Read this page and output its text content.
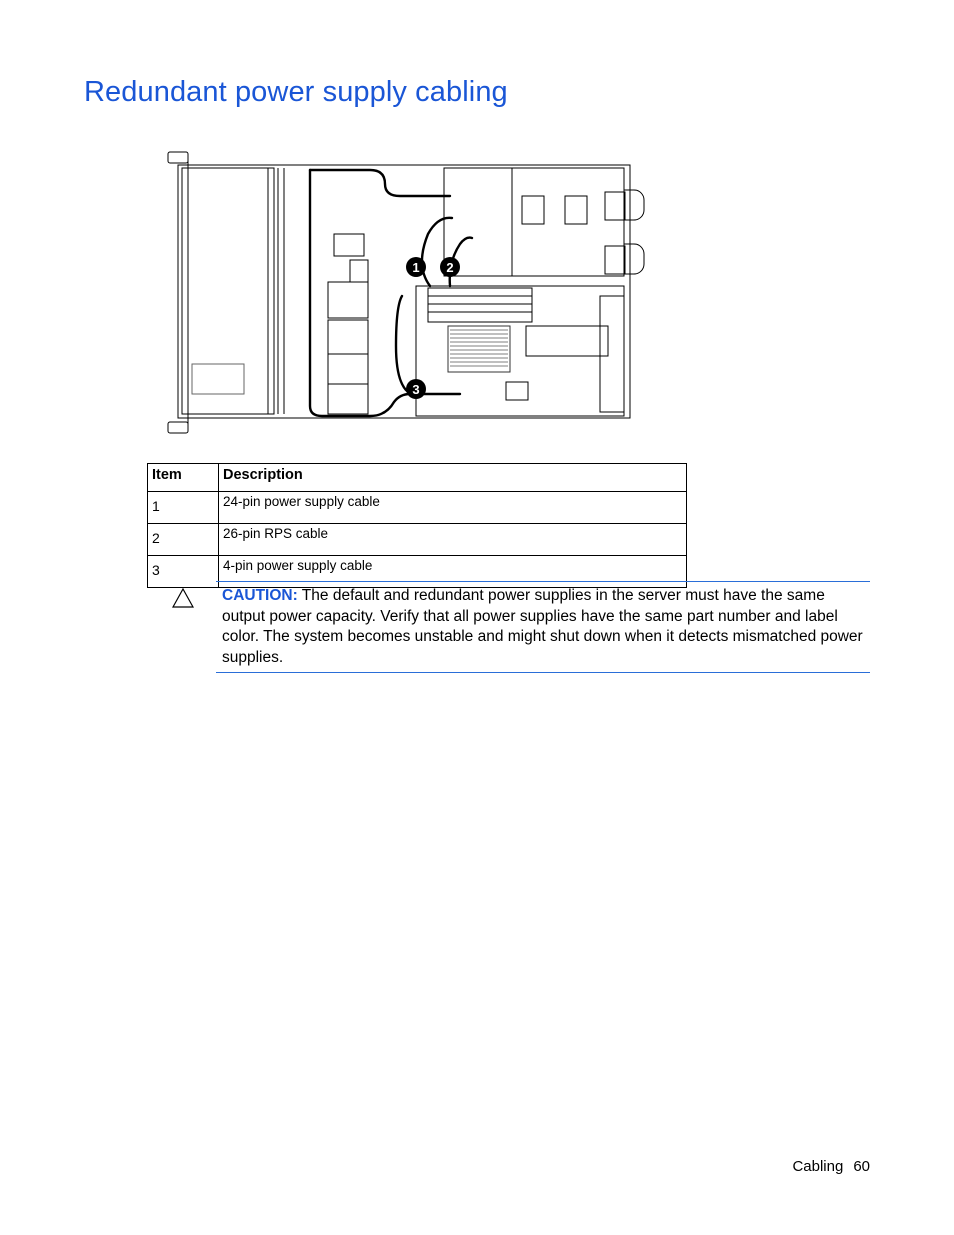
Redundant power supply cabling
1 2
3
Item	Description
1	24-pin power supply cable
2	26-pin RPS cable
3	4-pin power supply cable
CAUTION: The default and redundant power supplies in the server must have the same output power capacity. Verify that all power supplies have the same part number and label color. The system becomes unstable and might shut down when it detects mismatched power supplies.
Cabling 60
